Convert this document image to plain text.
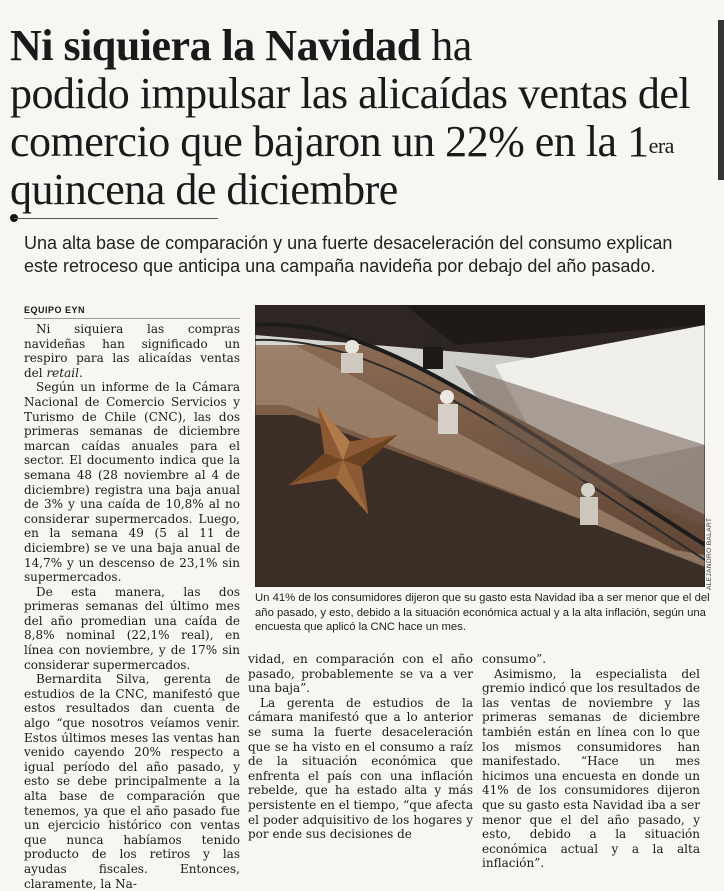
Ni siquiera la Navidad ha
podido impulsar las alicaídas ventas del
comercio que bajaron un 22% en la $1^{era}$
quincena de diciembre
Una alta base de comparación y una fuerte desaceleración del consumo explican este retroceso que anticipa una campaña navideña por debajo del año pasado.
EQUIPO EYN

Ni siquiera las compras navideñas han significado un respiro para las alicaídas ventas del retail.

Según un informe de la Cámara Nacional de Comercio Servicios y Turismo de Chile (CNC), las dos primeras semanas de diciembre marcan caídas anuales para el sector. El documento indica que la semana 48 (28 noviembre al 4 de diciembre) registra una baja anual de 3% y una caída de 10,8% al no considerar supermercados. Luego, en la semana 49 (5 al 11 de diciembre) se ve una baja anual de 14,7% y un descenso de 23,1% sin supermercados.

De esta manera, las dos primeras semanas del último mes del año promedian una caída de 8,8% nominal (22,1% real), en línea con noviembre, y de 17% sin considerar supermercados.

Bernardita Silva, gerenta de estudios de la CNC, manifestó que estos resultados dan cuenta de algo “que nosotros veíamos venir. Estos últimos meses las ventas han venido cayendo 20% respecto a igual período del año pasado, y esto se debe principalmente a la alta base de comparación que tenemos, ya que el año pasado fue un ejercicio histórico con ventas que nunca habíamos tenido producto de los retiros y las ayudas fiscales. Entonces, claramente, la Na-

ALEJANDRO BALART
Un 41% de los consumidores dijeron que su gasto esta Navidad iba a ser menor que el del año pasado, y esto, debido a la situación económica actual y a la alta inflación, según una encuesta que aplicó la CNC hace un mes.

vidad, en comparación con el año pasado, probablemente se va a ver una baja”.

La gerenta de estudios de la cámara manifestó que a lo anterior se suma la fuerte desaceleración que se ha visto en el consumo a raíz de la situación económica que enfrenta el país con una inflación rebelde, que ha estado alta y más persistente en el tiempo, “que afecta el poder adquisitivo de los hogares y por ende sus decisiones de

consumo”.

Asimismo, la especialista del gremio indicó que los resultados de las ventas de noviembre y las primeras semanas de diciembre también están en línea con lo que los mismos consumidores han manifestado. “Hace un mes hicimos una encuesta en donde un 41% de los consumidores dijeron que su gasto esta Navidad iba a ser menor que el del año pasado, y esto, debido a la situación económica actual y a la alta inflación”.
